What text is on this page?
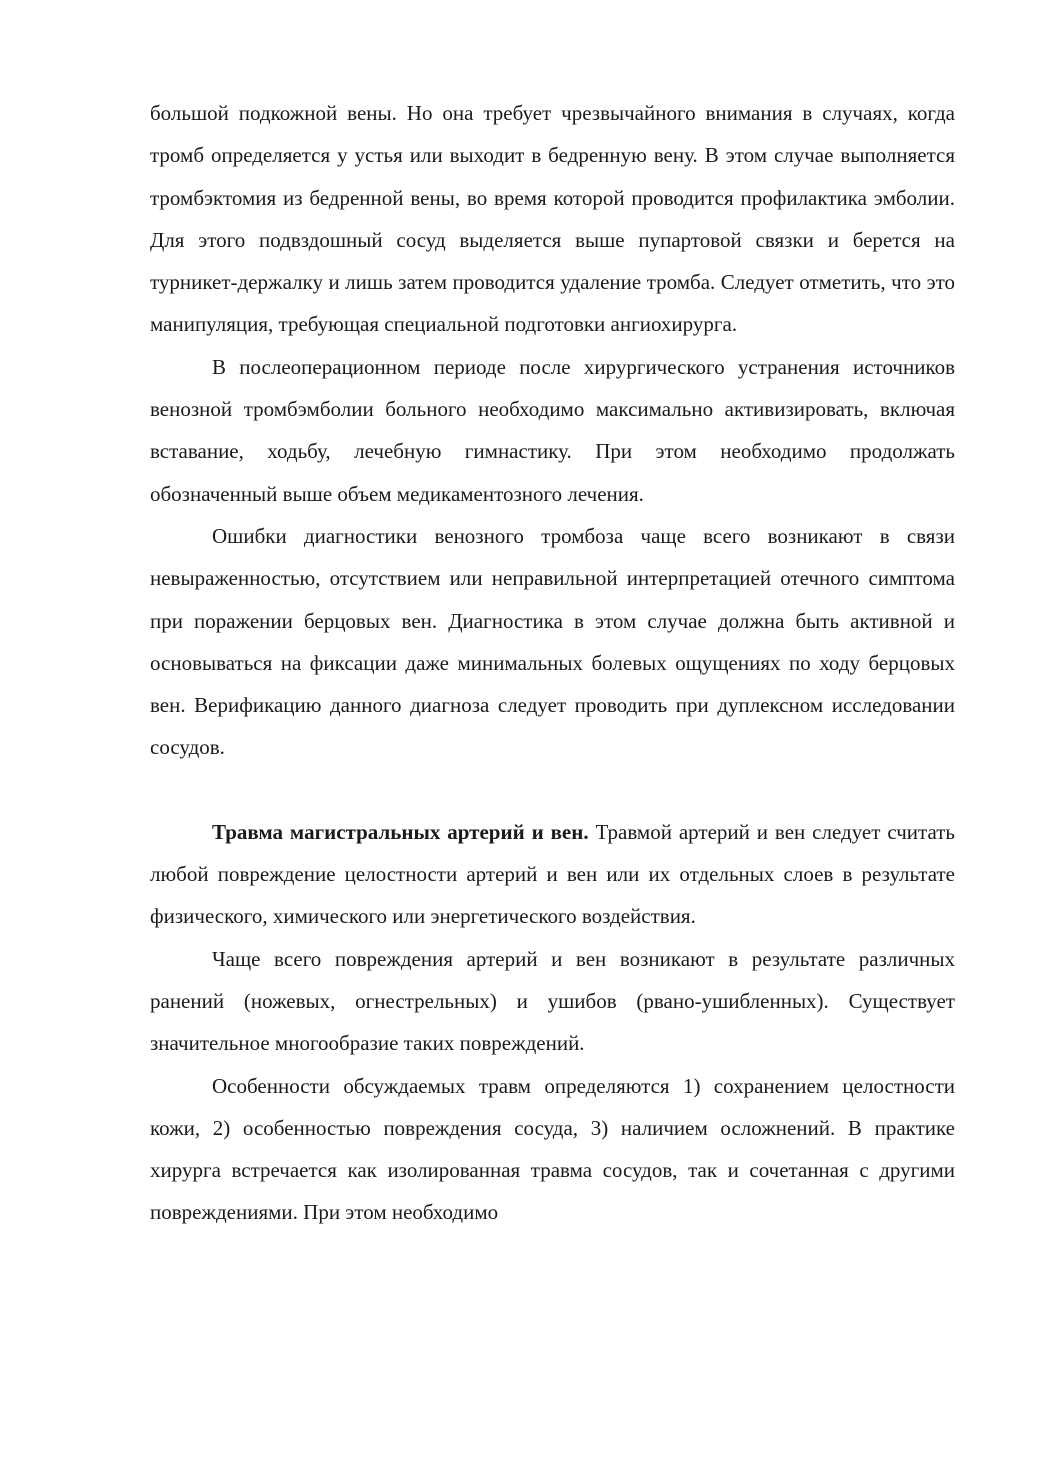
большой подкожной вены. Но она требует чрезвычайного внимания в случаях, когда тромб определяется у устья или выходит в бедренную вену. В этом случае выполняется тромбэктомия из бедренной вены, во время которой проводится профилактика эмболии. Для этого подвздошный сосуд выделяется выше пупартовой связки и берется на турникет-держалку и лишь затем проводится удаление тромба. Следует отметить, что это манипуляция, требующая специальной подготовки ангиохирурга.

В послеоперационном периоде после хирургического устранения источников венозной тромбэмболии больного необходимо максимально активизировать, включая вставание, ходьбу, лечебную гимнастику. При этом необходимо продолжать обозначенный выше объем медикаментозного лечения.

Ошибки диагностики венозного тромбоза чаще всего возникают в связи невыраженностью, отсутствием или неправильной интерпретацией отечного симптома при поражении берцовых вен. Диагностика в этом случае должна быть активной и основываться на фиксации даже минимальных болевых ощущениях по ходу берцовых вен. Верификацию данного диагноза следует проводить при дуплексном исследовании сосудов.

Травма магистральных артерий и вен. Травмой артерий и вен следует считать любой повреждение целостности артерий и вен или их отдельных слоев в результате физического, химического или энергетического воздействия.

Чаще всего повреждения артерий и вен возникают в результате различных ранений (ножевых, огнестрельных) и ушибов (рвано-ушибленных). Существует значительное многообразие таких повреждений.

Особенности обсуждаемых травм определяются 1) сохранением целостности кожи, 2) особенностью повреждения сосуда, 3) наличием осложнений. В практике хирурга встречается как изолированная травма сосудов, так и сочетанная с другими повреждениями. При этом необходимо
